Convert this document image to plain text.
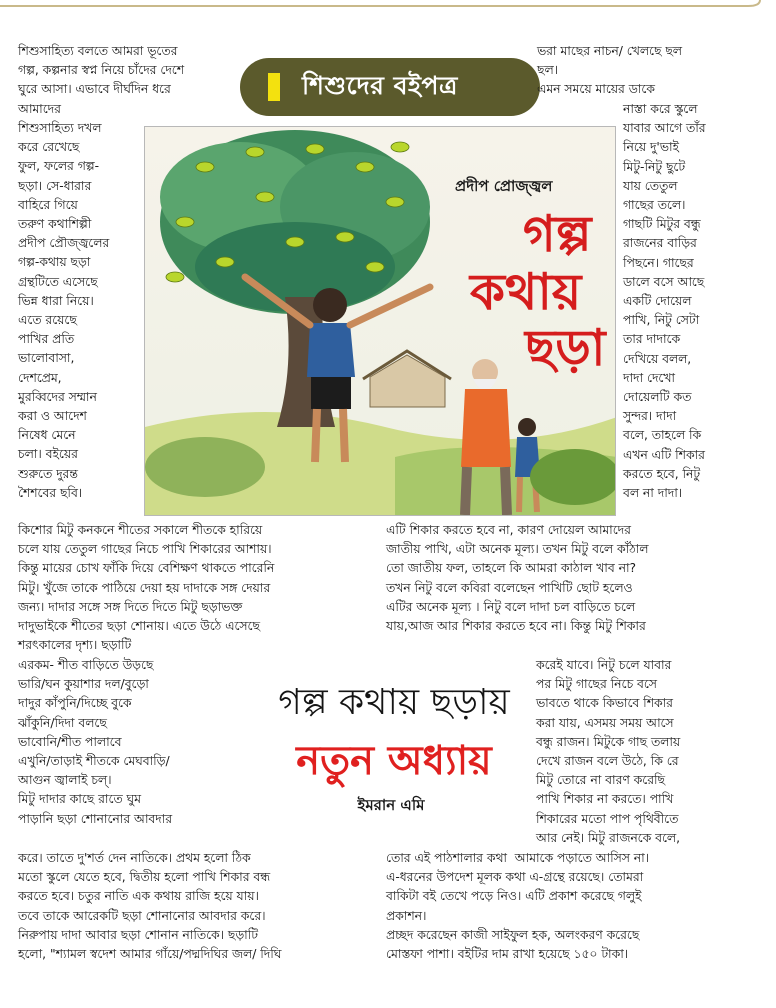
শিশুদের বইপত্র
শিশুসাহিত্য বলতে আমরা ভূতের
গল্প, কল্পনার স্বপ্ন নিয়ে চাঁদের দেশে
ঘুরে আসা। এভাবে দীর্ঘদিন ধরে
আমাদের
শিশুসাহিত্য দখল
করে রেখেছে
ফুল, ফলের গল্প-
ছড়া। সে-ধারার
বাহিরে গিয়ে
তরুণ কথাশিল্পী
প্রদীপ প্রৌজ্জ্বলের
গল্প-কথায় ছড়া
গ্রন্থটিতে এসেছে
ভিন্ন ধারা নিয়ে।
এতে রয়েছে
পাখির প্রতি
ভালোবাসা,
দেশপ্রেম,
মুরব্বিদের সম্মান
করা ও আদেশ
নিষেধ মেনে
চলা। বইয়ের
শুরুতে দুরন্ত
শৈশবের ছবি।
ভরা মাছের নাচন/ খেলছে ছল
ছল।
এমন সময়ে মায়ের ডাকে
নাস্তা করে স্কুলে
যাবার আগে তাঁর
নিয়ে দু'ভাই
মিটু-নিটু ছুটে
যায় তেতুল
গাছের তলে।
গাছটি মিটুর বন্ধু
রাজনের বাড়ির
পিছনে। গাছের
ডালে বসে আছে
একটি দোয়েল
পাখি, নিটু সেটা
তার দাদাকে
দেখিয়ে বলল,
দাদা দেখো
দোয়েলটি কত
সুন্দর। দাদা
বলে, তাহলে কি
এখন এটি শিকার
করতে হবে, নিটু
বল না দাদা।
প্রদীপ প্রোজ্জ্বল
গল্প
কথায়
ছড়া
কিশোর মিটু কনকনে শীতের সকালে শীতকে হারিয়ে
চলে যায় তেতুল গাছের নিচে পাখি শিকারের আশায়।
কিন্তু মায়ের চোখ ফাঁকি দিয়ে বেশিক্ষণ থাকতে পারেনি
মিটু। খুঁজে তাকে পাঠিয়ে দেয়া হয় দাদাকে সঙ্গ দেয়ার
জন্য। দাদার সঙ্গে সঙ্গ দিতে দিতে মিটু ছড়াভক্ত
দাদুভাইকে শীতের ছড়া শোনায়। এতে উঠে এসেছে
শরৎকালের দৃশ্য। ছড়াটি
এটি শিকার করতে হবে না, কারণ দোয়েল আমাদের
জাতীয় পাখি, এটা অনেক মূল্য। তখন মিটু বলে কাঁঠাল
তো জাতীয় ফল, তাহলে কি আমরা কাঠাল খাব না?
তখন নিটু বলে কবিরা বলেছেন পাখিটি ছোট হলেও
এটির অনেক মূল্য । নিটু বলে দাদা চল বাড়িতে চলে
যায়,আজ আর শিকার করতে হবে না। কিন্তু মিটু শিকার
এরকম- শীত বাড়িতে উড়ছে
ভারি/ঘন কুয়াশার দল/বুড়ো
দাদুর কাঁপুনি/দিচ্ছে বুকে
ঝাঁকুনি/দিদা বলছে
ভাবোনি/শীত পালাবে
এখুনি/তাড়াই শীতকে মেঘবাড়ি/
আগুন জ্বালাই চল্।
মিটু দাদার কাছে রাতে ঘুম
পাড়ানি ছড়া শোনানোর আবদার
করেই যাবে। নিটু চলে যাবার
পর মিটু গাছের নিচে বসে
ভাবতে থাকে কিভাবে শিকার
করা যায়, এসময় সময় আসে
বন্ধু রাজন। মিটুকে গাছ তলায়
দেখে রাজন বলে উঠে, কি রে
মিটু তোরে না বারণ করেছি
পাখি শিকার না করতে। পাখি
শিকারের মতো পাপ পৃথিবীতে
আর নেই। মিটু রাজনকে বলে,
গল্প কথায় ছড়ায়
নতুন অধ্যায়
ইমরান এমি
করে। তাতে দু'শর্ত দেন নাতিকে। প্রথম হলো ঠিক
মতো স্কুলে যেতে হবে, দ্বিতীয় হলো পাখি শিকার বন্ধ
করতে হবে। চতুর নাতি এক কথায় রাজি হয়ে যায়।
তবে তাকে আরেকটি ছড়া শোনানোর আবদার করে।
নিরুপায় দাদা আবার ছড়া শোনান নাতিকে। ছড়াটি
হলো, "শ্যামল স্বদেশ আমার গাঁয়ে/পদ্মদিঘির জল/ দিঘি
তোর এই পাঠশালার কথা  আমাকে পড়াতে আসিস না।
এ-ধরনের উপদেশ মূলক কথা এ-গ্রন্থে রয়েছে। তোমরা
বাকিটা বই তেখে পড়ে নিও। এটি প্রকাশ করেছে গলুই
প্রকাশন।
প্রচ্ছদ করেছেন কাজী সাইফুল হক, অলংকরণ করেছে
মোস্তফা পাশা। বইটির দাম রাখা হয়েছে ১৫০ টাকা।
